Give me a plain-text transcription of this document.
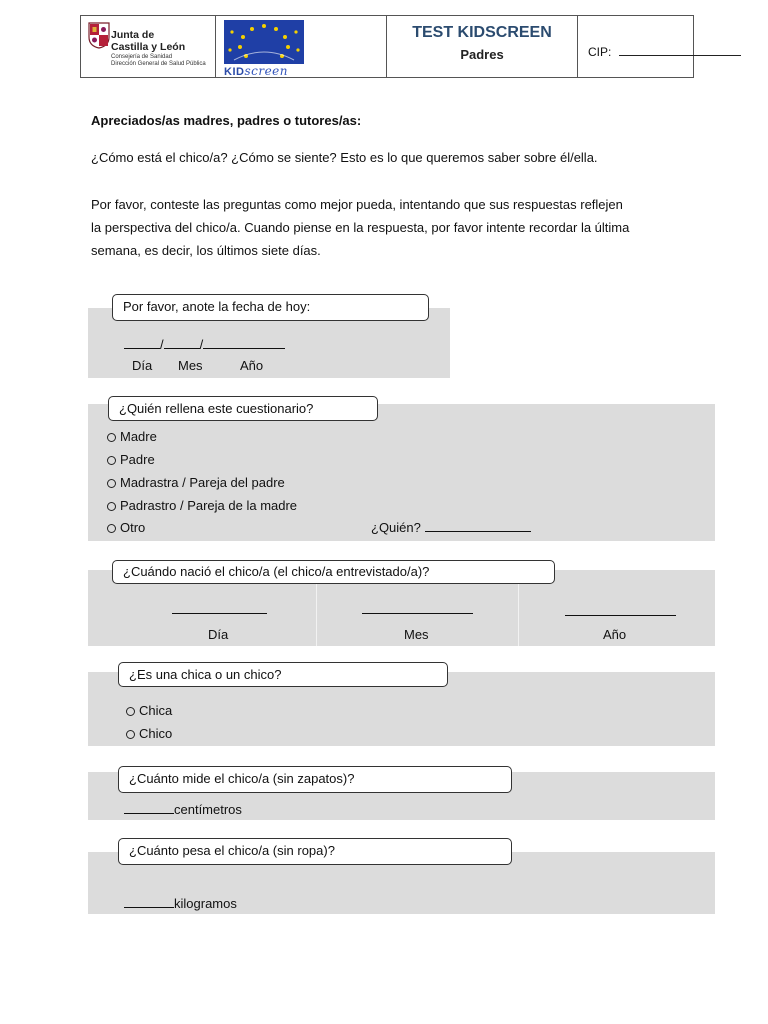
Junta de
Castilla y León
Consejería de Sanidad
Dirección General de Salud Pública
KIDscreen
TEST KIDSCREEN
Padres	CIP:
Apreciados/as madres, padres o tutores/as:
¿Cómo está el chico/a? ¿Cómo se siente? Esto es lo que queremos saber sobre él/ella.
Por favor, conteste las preguntas como mejor pueda, intentando que sus respuestas reflejen
la perspectiva del chico/a. Cuando piense en la respuesta, por favor intente recordar la última
semana, es decir, los últimos siete días.
Por favor, anote la fecha de hoy:
/	/
Día Mes	Año
¿Quién rellena este cuestionario?
Madre
Padre
Madrastra / Pareja del padre
Padrastro / Pareja de la madre
Otro	¿Quién?
¿Cuándo nació el chico/a (el chico/a entrevistado/a)?
Día	Mes	Año
¿Es una chica o un chico?
Chica
Chico
¿Cuánto mide el chico/a (sin zapatos)?
centímetros
¿Cuánto pesa el chico/a (sin ropa)?
kilogramos
